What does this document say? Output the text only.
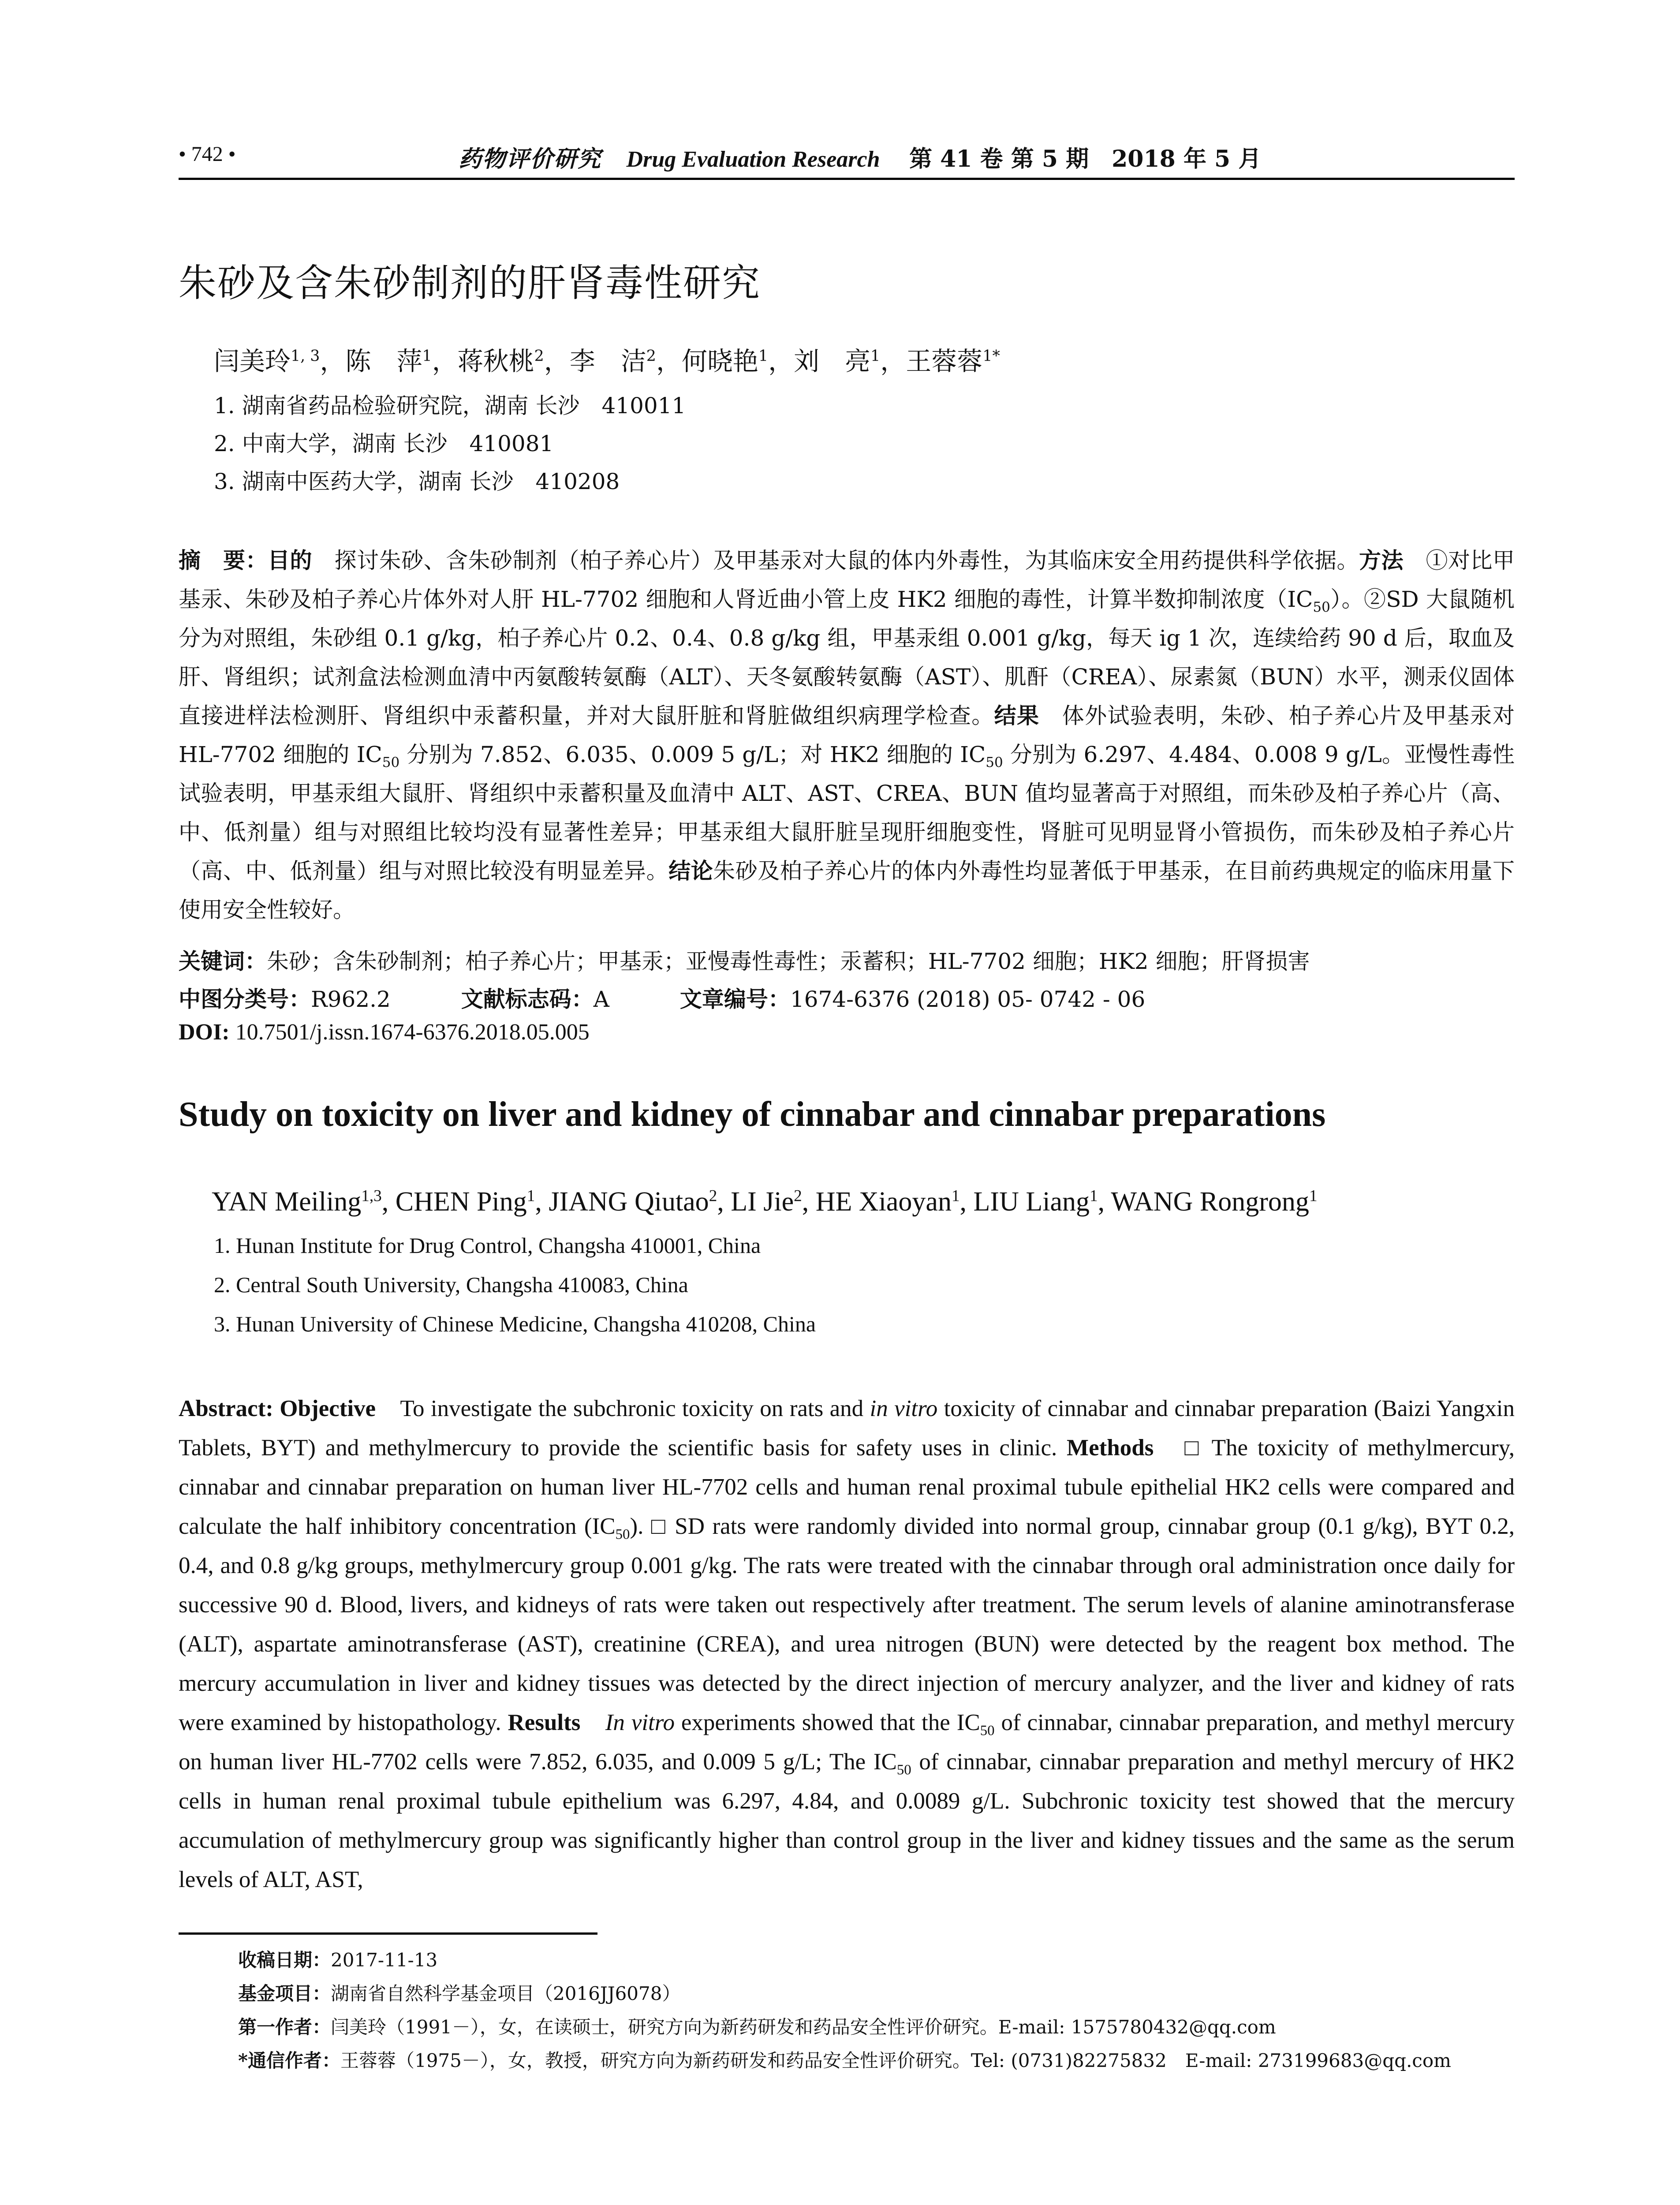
• 742 •	药物评价研究 Drug Evaluation Research 第 41 卷 第 5 期　2018 年 5 月
朱砂及含朱砂制剂的肝肾毒性研究
闫美玲$^{1, 3}$，陈　萍$^1$，蒋秋桃$^2$，李　洁$^2$，何晓艳$^1$，刘　亮$^1$，王蓉蓉$^{1*}$
1. 湖南省药品检验研究院，湖南 长沙　410011
2. 中南大学，湖南 长沙　410081
3. 湖南中医药大学，湖南 长沙　410208
摘　要：目的　探讨朱砂、含朱砂制剂（柏子养心片）及甲基汞对大鼠的体内外毒性，为其临床安全用药提供科学依据。方法　①对比甲基汞、朱砂及柏子养心片体外对人肝 HL-7702 细胞和人肾近曲小管上皮 HK2 细胞的毒性，计算半数抑制浓度$(IC_{50})$。②SD 大鼠随机分为对照组，朱砂组 0.1 g/kg，柏子养心片 0.2、0.4、0.8 g/kg 组，甲基汞组 0.001 g/kg，每天 ig 1 次，连续给药 90 d 后，取血及肝、肾组织；试剂盒法检测血清中丙氨酸转氨酶（ALT）、天冬氨酸转氨酶（AST）、肌酐（CREA）、尿素氮（BUN）水平，测汞仪固体直接进样法检测肝、肾组织中汞蓄积量，并对大鼠肝脏和肾脏做组织病理学检查。结果　体外试验表明，朱砂、柏子养心片及甲基汞对 HL-7702 细胞的 $IC_{50}$ 分别为 7.852、6.035、0.009 5 g/L；对 HK2 细胞的 $IC_{50}$ 分别为 6.297、4.484、0.008 9 g/L。亚慢性毒性试验表明，甲基汞组大鼠肝、肾组织中汞蓄积量及血清中 ALT、AST、CREA、BUN 值均显著高于对照组，而朱砂及柏子养心片（高、中、低剂量）组与对照组比较均没有显著性差异；甲基汞组大鼠肝脏呈现肝细胞变性，肾脏可见明显肾小管损伤，而朱砂及柏子养心片（高、中、低剂量）组与对照比较没有明显差异。结论朱砂及柏子养心片的体内外毒性均显著低于甲基汞，在目前药典规定的临床用量下使用安全性较好。
关键词：朱砂；含朱砂制剂；柏子养心片；甲基汞；亚慢毒性毒性；汞蓄积；HL-7702 细胞；HK2 细胞；肝肾损害
中图分类号：R962.2	文献标志码：A	文章编号：1674-6376 (2018) 05- 0742 - 06
DOI: 10.7501/j.issn.1674-6376.2018.05.005
Study on toxicity on liver and kidney of cinnabar and cinnabar preparations
YAN Meiling$^{1,3}$, CHEN Ping$^1$, JIANG Qiutao$^2$, LI Jie$^2$, HE Xiaoyan$^1$, LIU Liang$^1$, WANG Rongrong$^1$
1. Hunan Institute for Drug Control, Changsha 410001, China
2. Central South University, Changsha 410083, China
3. Hunan University of Chinese Medicine, Changsha 410208, China
Abstract: Objective　To investigate the subchronic toxicity on rats and in vitro toxicity of cinnabar and cinnabar preparation (Baizi Yangxin Tablets, BYT) and methylmercury to provide the scientific basis for safety uses in clinic. Methods　□ The toxicity of methylmercury, cinnabar and cinnabar preparation on human liver HL-7702 cells and human renal proximal tubule epithelial HK2 cells were compared and calculate the half inhibitory concentration $(IC_{50})$. □ SD rats were randomly divided into normal group, cinnabar group (0.1 g/kg), BYT 0.2, 0.4, and 0.8 g/kg groups, methylmercury group 0.001 g/kg. The rats were treated with the cinnabar through oral administration once daily for successive 90 d. Blood, livers, and kidneys of rats were taken out respectively after treatment. The serum levels of alanine aminotransferase (ALT), aspartate aminotransferase (AST), creatinine (CREA), and urea nitrogen (BUN) were detected by the reagent box method. The mercury accumulation in liver and kidney tissues was detected by the direct injection of mercury analyzer, and the liver and kidney of rats were examined by histopathology. Results　 In vitro experiments showed that the $IC_{50}$ of cinnabar, cinnabar preparation, and methyl mercury on human liver HL-7702 cells were 7.852, 6.035, and 0.009 5 g/L; The $IC_{50}$ of cinnabar, cinnabar preparation and methyl mercury of HK2 cells in human renal proximal tubule epithelium was 6.297, 4.84, and 0.0089 g/L. Subchronic toxicity test showed that the mercury accumulation of methylmercury group was significantly higher than control group in the liver and kidney tissues and the same as the serum levels of ALT, AST,
收稿日期：2017-11-13
基金项目：湖南省自然科学基金项目（2016JJ6078）
第一作者：闫美玲（1991－），女，在读硕士，研究方向为新药研发和药品安全性评价研究。E-mail: 1575780432@qq.com
*通信作者：王蓉蓉（1975－），女，教授，研究方向为新药研发和药品安全性评价研究。Tel: (0731)82275832　E-mail: 273199683@qq.com
